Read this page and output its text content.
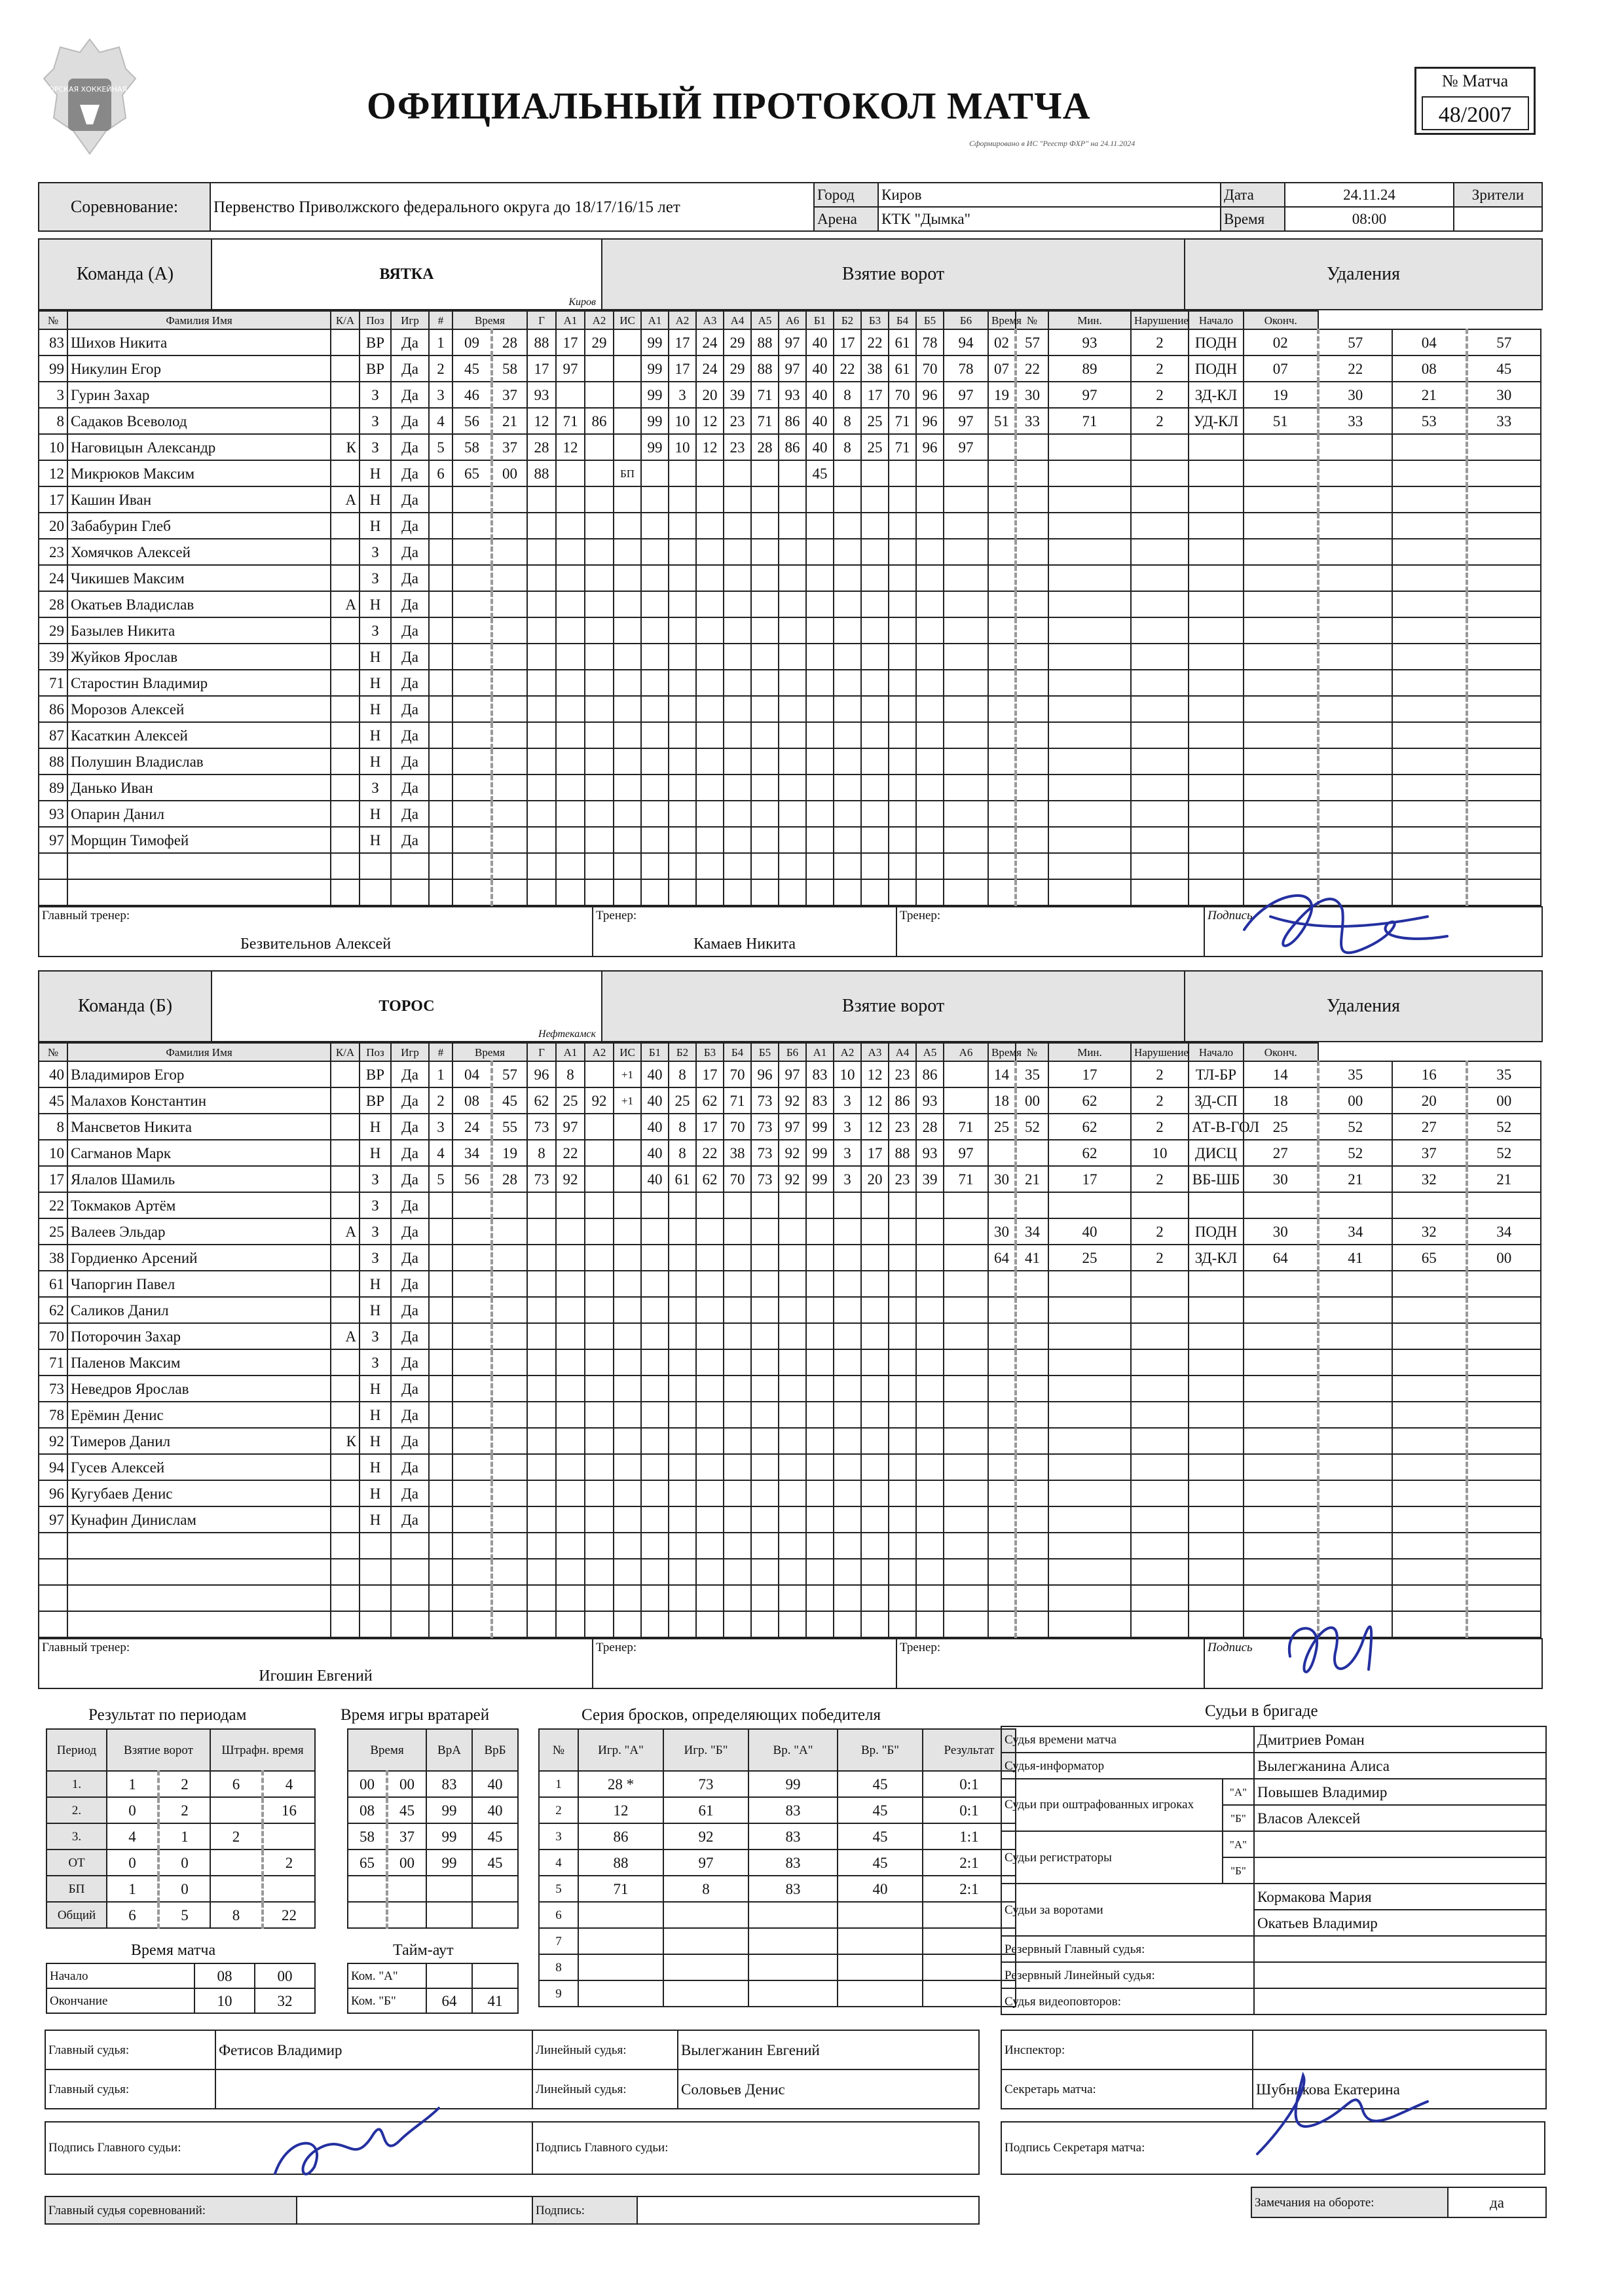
ЮНИОРСКАЯ ХОККЕЙНАЯ ЛИГА	ОФИЦИАЛЬНЫЙ ПРОТОКОЛ МАТЧА
Сформировано в ИС "Реестр ФХР" на 24.11.2024
№ Матча
48/2007
Соревнование:	Первенство Приволжского федерального округа до 18/17/16/15 лет	Город	Киров	Дата	24.11.24	Зрители
		Арена	КТК "Дымка"	Время	08:00	
Команда (А)	ВЯТКА
Киров
	Взятие ворот	Удаления
№	Фамилия Имя	К/А	Поз	Игр	#	Время		Г	А1	А2	ИС	А1	А2	А3	А4	А5	А6	Б1	Б2	Б3	Б4	Б5	Б6	Время	№	Мин.	Нарушение	Начало	Оконч.			
83	Шихов Никита		ВР	Да	1	09	28	88	17	29		99	17	24	29	88	97	40	17	22	61	78	94	02	57	93	2	ПОДН	02	57	04	57
99	Никулин Егор		ВР	Да	2	45	58	17	97			99	17	24	29	88	97	40	22	38	61	70	78	07	22	89	2	ПОДН	07	22	08	45
3	Гурин Захар		З	Да	3	46	37	93				99	3	20	39	71	93	40	8	17	70	96	97	19	30	97	2	ЗД-КЛ	19	30	21	30
8	Садаков Всеволод		З	Да	4	56	21	12	71	86		99	10	12	23	71	86	40	8	25	71	96	97	51	33	71	2	УД-КЛ	51	33	53	33
10	Наговицын Александр	К	З	Да	5	58	37	28	12			99	10	12	23	28	86	40	8	25	71	96	97									
12	Микрюков Максим		Н	Да	6	65	00	88			БП							45														
17	Кашин Иван	А	Н	Да																												
20	Забабурин Глеб		Н	Да																												
23	Хомячков Алексей		З	Да																												
24	Чикишев Максим		З	Да																												
28	Окатьев Владислав	А	Н	Да																												
29	Базылев Никита		З	Да																												
39	Жуйков Ярослав		Н	Да																												
71	Старостин Владимир		Н	Да																												
86	Морозов Алексей		Н	Да																												
87	Касаткин Алексей		Н	Да																												
88	Полушин Владислав		Н	Да																												
89	Данько Иван		З	Да																												
93	Опарин Данил		Н	Да																												
97	Морщин Тимофей		Н	Да																												

Главный тренер:
Безвительнов Алексей

Тренер:
Камаев Никита

Тренер:	Подпись
Команда (Б)	ТОРОС
Нефтекамск
	Взятие ворот	Удаления
№	Фамилия Имя	К/А	Поз	Игр	#	Время		Г	А1	А2	ИС	Б1	Б2	Б3	Б4	Б5	Б6	А1	А2	А3	А4	А5	А6	Время	№	Мин.	Нарушение	Начало	Оконч.			
40	Владимиров Егор		ВР	Да	1	04	57	96	8		+1	40	8	17	70	96	97	83	10	12	23	86		14	35	17	2	ТЛ-БР	14	35	16	35
45	Малахов Константин		ВР	Да	2	08	45	62	25	92	+1	40	25	62	71	73	92	83	3	12	86	93		18	00	62	2	ЗД-СП	18	00	20	00
8	Мансветов Никита		Н	Да	3	24	55	73	97			40	8	17	70	73	97	99	3	12	23	28	71	25	52	62	2	АТ-В-ГОЛ	25	52	27	52
10	Сагманов Марк		Н	Да	4	34	19	8	22			40	8	22	38	73	92	99	3	17	88	93	97			62	10	ДИСЦ	27	52	37	52
17	Ялалов Шамиль		З	Да	5	56	28	73	92			40	61	62	70	73	92	99	3	20	23	39	71	30	21	17	2	ВБ-ШБ	30	21	32	21
22	Токмаков Артём		З	Да																												
25	Валеев Эльдар	А	З	Да																				30	34	40	2	ПОДН	30	34	32	34
38	Гордиенко Арсений		З	Да																				64	41	25	2	ЗД-КЛ	64	41	65	00
61	Чапоргин Павел		Н	Да																												
62	Саликов Данил		Н	Да																												
70	Поторочин Захар	А	З	Да																												
71	Паленов Максим		З	Да																												
73	Неведров Ярослав		Н	Да																												
78	Ерёмин Денис		Н	Да																												
92	Тимеров Данил	К	Н	Да																												
94	Гусев Алексей		Н	Да																												
96	Кугубаев Денис		Н	Да																												
97	Кунафин Динислам		Н	Да																												

Главный тренер:
Игошин Евгений

Тренер:	Тренер:	Подпись
Результат по периодам	Время игры вратарей	Серия бросков, определяющих победителя	Судьи в бригаде
Период	Взятие ворот	Штрафн. время
1.	1	2	6	4
2.	0	2		16
3.	4	1	2	
ОТ	0	0		2
БП	1	0		
Общий	6	5	8	22
Время	ВрА	ВрБ
00	00	83	40
08	45	99	40
58	37	99	45
65	00	99	45

№	Игр. "А"	Игр. "Б"	Вр. "А"	Вр. "Б"	Результат
1	28 *	73	99	45	0:1
2	12	61	83	45	0:1
3	86	92	83	45	1:1
4	88	97	83	45	2:1
5	71	8	83	40	2:1
6					
7					
8					
9					
Время матча	Тайм-аут
Начало	08	00
Окончание	10	32
Ком. "А"		
Ком. "Б"	64	41
Судья времени матча		Дмитриев Роман
Судья-информатор		Вылегжанина Алиса
Судьи при оштрафованных игроках	"А"	Повышев Владимир
	"Б"	Власов Алексей
Судьи регистраторы	"А"	
	"Б"	
Судьи за воротами		Кормакова Мария
		Окатьев Владимир
Резервный Главный судья:		
Резервный Линейный судья:		
Судья видеоповторов:		
Главный судья:	Фетисов Владимир	Линейный судья:	Вылегжанин Евгений
Главный судья:		Линейный судья:	Соловьев Денис
Инспектор:	
Секретарь матча:	Шубникова Екатерина
Подпись Главного судьи:	Подпись Главного судьи:	Подпись Секретаря матча:
Главный судья соревнований:		Подпись:	
Замечания на обороте:	да
